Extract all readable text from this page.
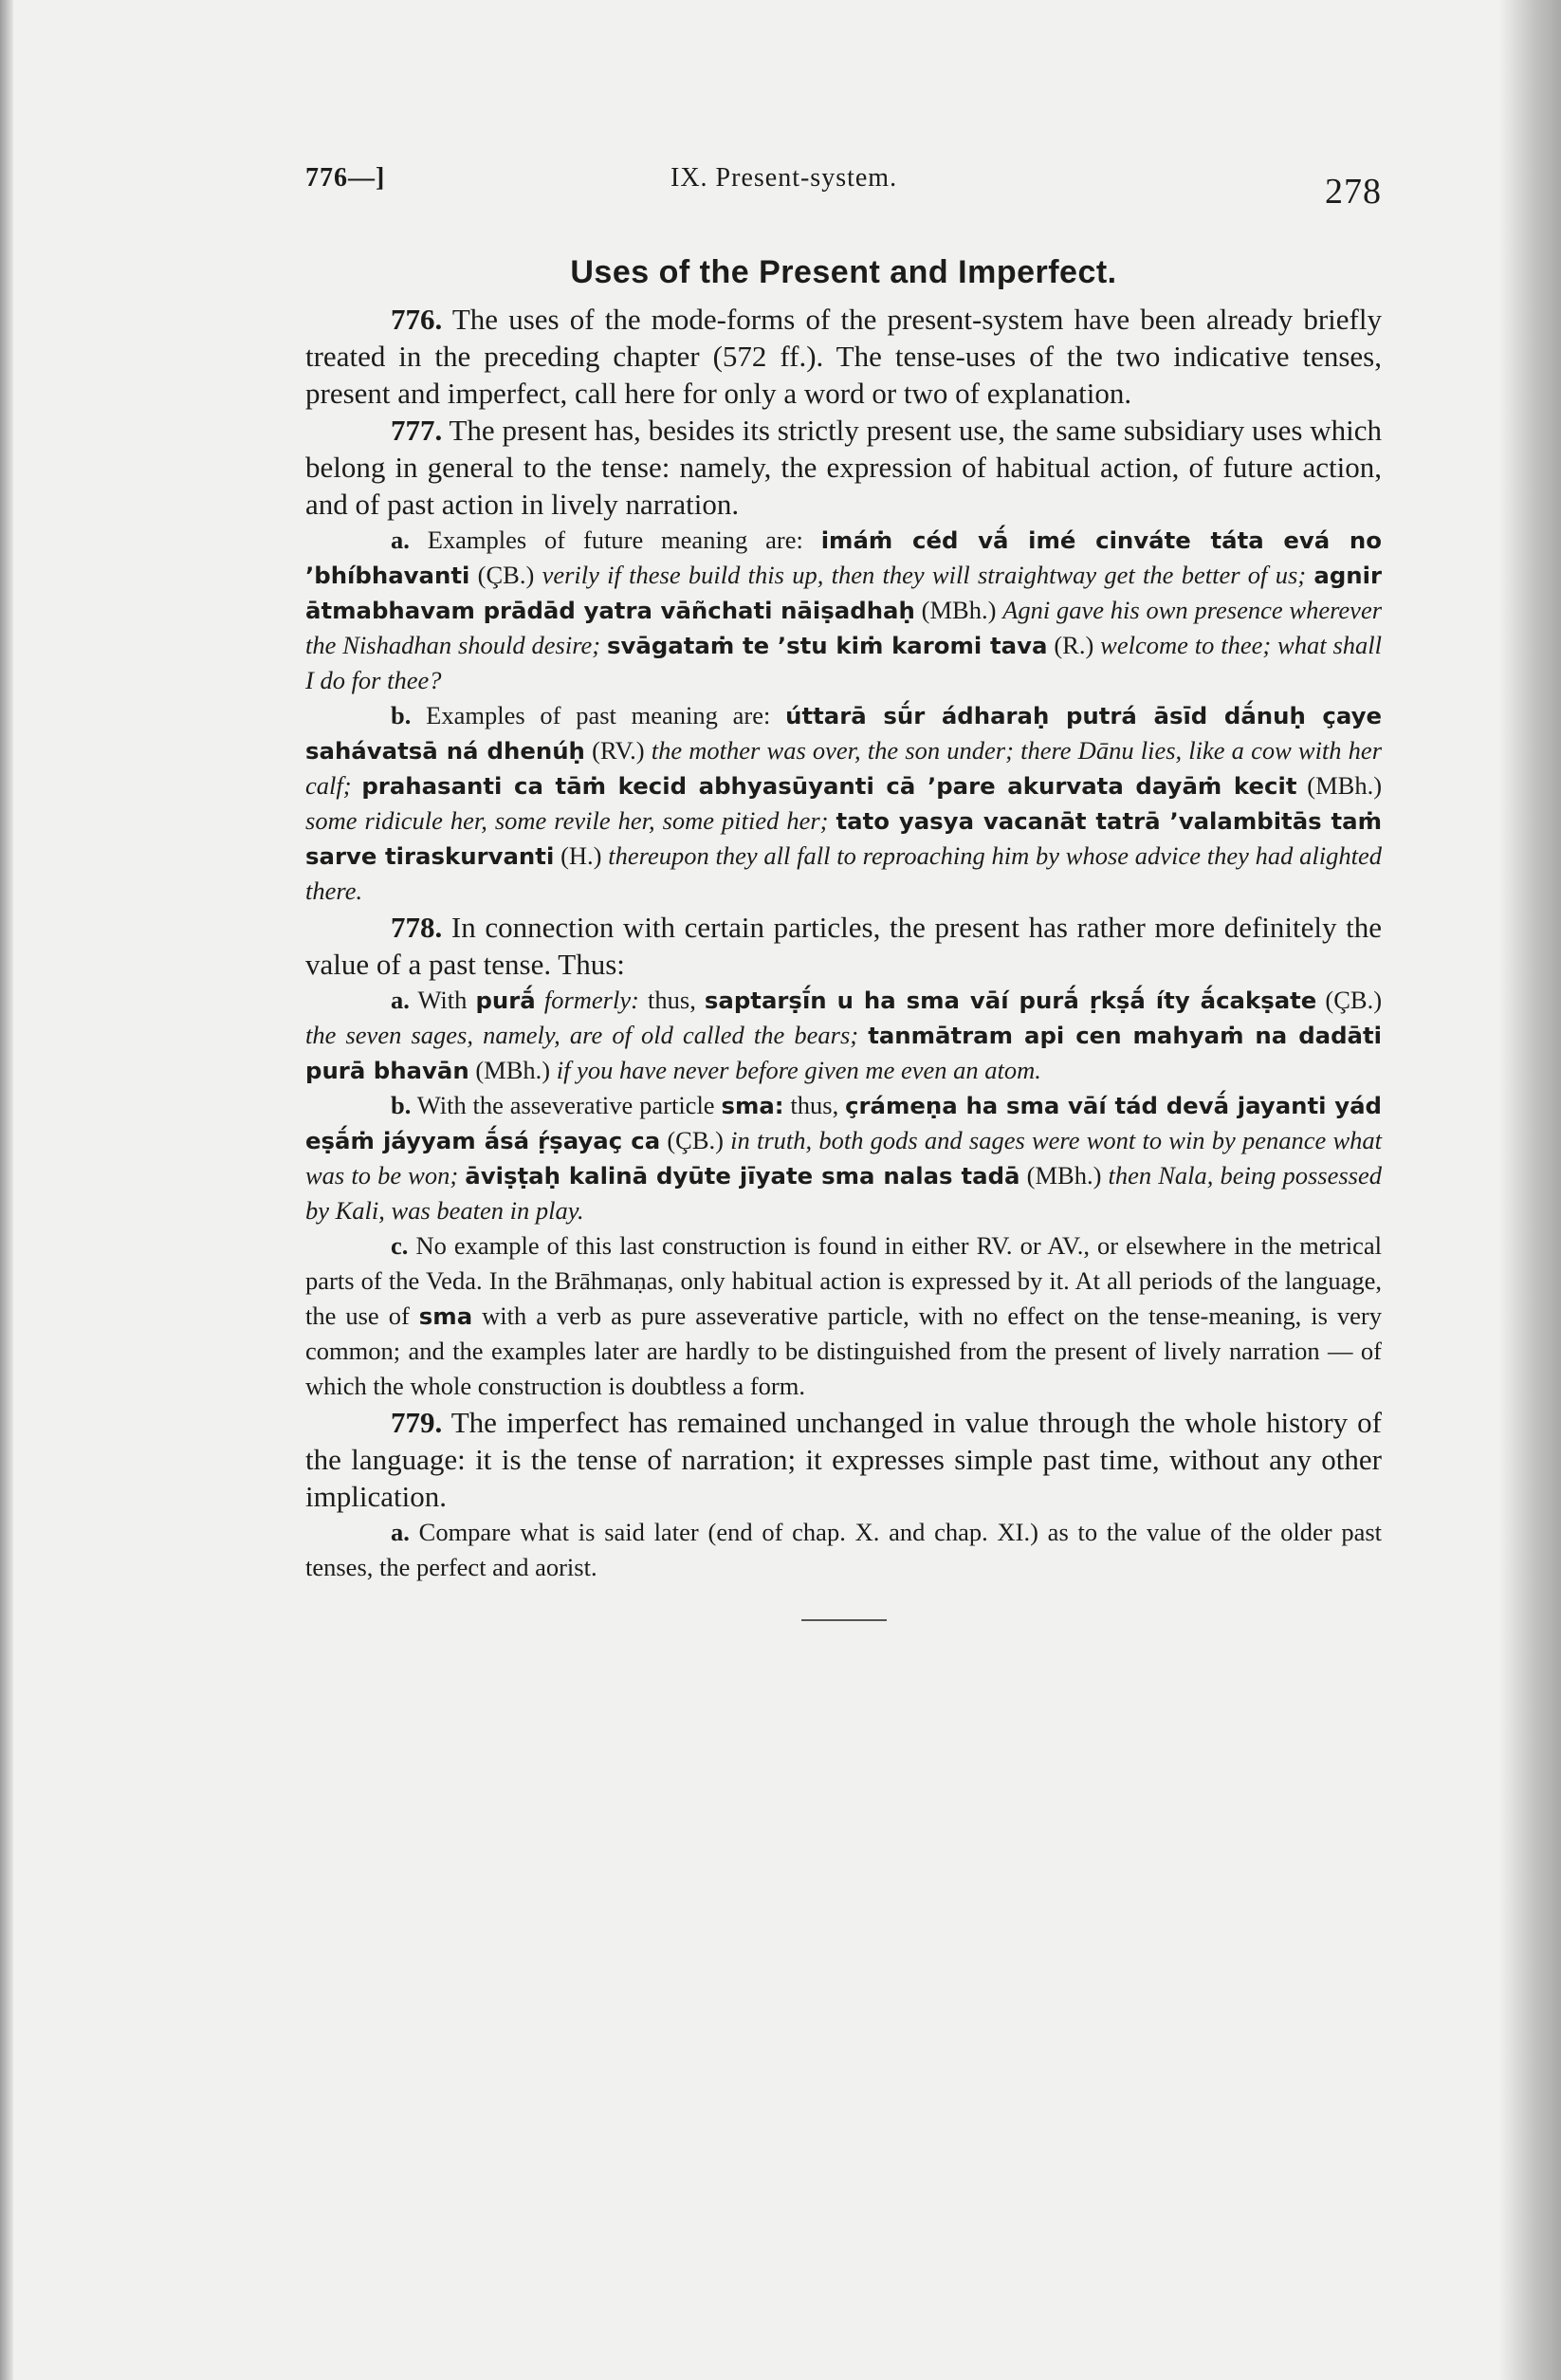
776—]	IX. Present-system.	278
Uses of the Present and Imperfect.

776. The uses of the mode-forms of the present-system have been already briefly treated in the preceding chapter (572 ff.). The tense-uses of the two indicative tenses, present and imperfect, call here for only a word or two of explanation.

777. The present has, besides its strictly present use, the same subsidiary uses which belong in general to the tense: namely, the expression of habitual action, of future action, and of past action in lively narration.

a. Examples of future meaning are: imáṁ céd vā́ imé cinváte táta evá no ’bhíbhavanti (ÇB.) verily if these build this up, then they will straightway get the better of us; agnir ātmabhavam prādād yatra vāñchati nāiṣadhaḥ (MBh.) Agni gave his own presence wherever the Nishadhan should desire; svāgataṁ te ’stu kiṁ karomi tava (R.) welcome to thee; what shall I do for thee?

b. Examples of past meaning are: úttarā sū́r ádharaḥ putrá āsīd dā́nuḥ çaye sahávatsā ná dhenúḥ (RV.) the mother was over, the son under; there Dānu lies, like a cow with her calf; prahasanti ca tāṁ kecid abhyasūyanti cā ’pare akurvata dayāṁ kecit (MBh.) some ridicule her, some revile her, some pitied her; tato yasya vacanāt tatrā ’valambitās taṁ sarve tiraskurvanti (H.) thereupon they all fall to reproaching him by whose advice they had alighted there.

778. In connection with certain particles, the present has rather more definitely the value of a past tense. Thus:

a. With purā́ formerly: thus, saptarṣī́n u ha sma vāí purā́ ṛkṣā́ íty ā́cakṣate (ÇB.) the seven sages, namely, are of old called the bears; tanmātram api cen mahyaṁ na dadāti purā bhavān (MBh.) if you have never before given me even an atom.

b. With the asseverative particle sma: thus, çrámeṇa ha sma vāí tád devā́ jayanti yád eṣā́ṁ jáyyam ā́sá ṛ́ṣayaç ca (ÇB.) in truth, both gods and sages were wont to win by penance what was to be won; āviṣṭaḥ kalinā dyūte jīyate sma nalas tadā (MBh.) then Nala, being possessed by Kali, was beaten in play.

c. No example of this last construction is found in either RV. or AV., or elsewhere in the metrical parts of the Veda. In the Brāhmaṇas, only habitual action is expressed by it. At all periods of the language, the use of sma with a verb as pure asseverative particle, with no effect on the tense-meaning, is very common; and the examples later are hardly to be distinguished from the present of lively narration — of which the whole construction is doubtless a form.

779. The imperfect has remained unchanged in value through the whole history of the language: it is the tense of narration; it expresses simple past time, without any other implication.

a. Compare what is said later (end of chap. X. and chap. XI.) as to the value of the older past tenses, the perfect and aorist.
